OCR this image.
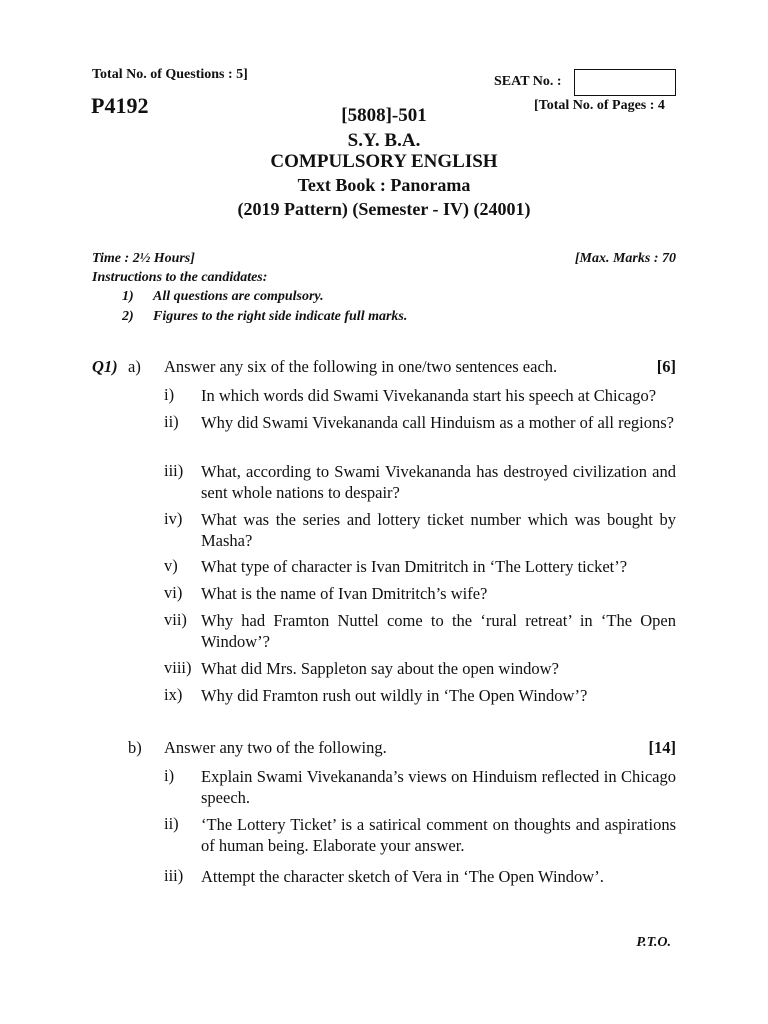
Total No. of Questions : 5]
P4192
SEAT No. :
[Total No. of Pages : 4
[5808]-501
S.Y. B.A.
COMPULSORY ENGLISH
Text Book : Panorama
(2019 Pattern) (Semester - IV) (24001)
Time : 2½ Hours]	[Max. Marks : 70
Instructions to the candidates:
1) All questions are compulsory.
2) Figures to the right side indicate full marks.
Q1) a) Answer any six of the following in one/two sentences each.	[6]
i) In which words did Swami Vivekananda start his speech at Chicago?
ii) Why did Swami Vivekananda call Hinduism as a mother of all regions?
iii) What, according to Swami Vivekananda has destroyed civilization and sent whole nations to despair?
iv) What was the series and lottery ticket number which was bought by Masha?
v) What type of character is Ivan Dmitritch in ‘The Lottery ticket’?
vi) What is the name of Ivan Dmitritch’s wife?
vii) Why had Framton Nuttel come to the ‘rural retreat’ in ‘The Open Window’?
viii) What did Mrs. Sappleton say about the open window?
ix) Why did Framton rush out wildly in ‘The Open Window’?
b) Answer any two of the following.	[14]
i) Explain Swami Vivekananda’s views on Hinduism reflected in Chicago speech.
ii) ‘The Lottery Ticket’ is a satirical comment on thoughts and aspirations of human being. Elaborate your answer.
iii) Attempt the character sketch of Vera in ‘The Open Window’.
P.T.O.
